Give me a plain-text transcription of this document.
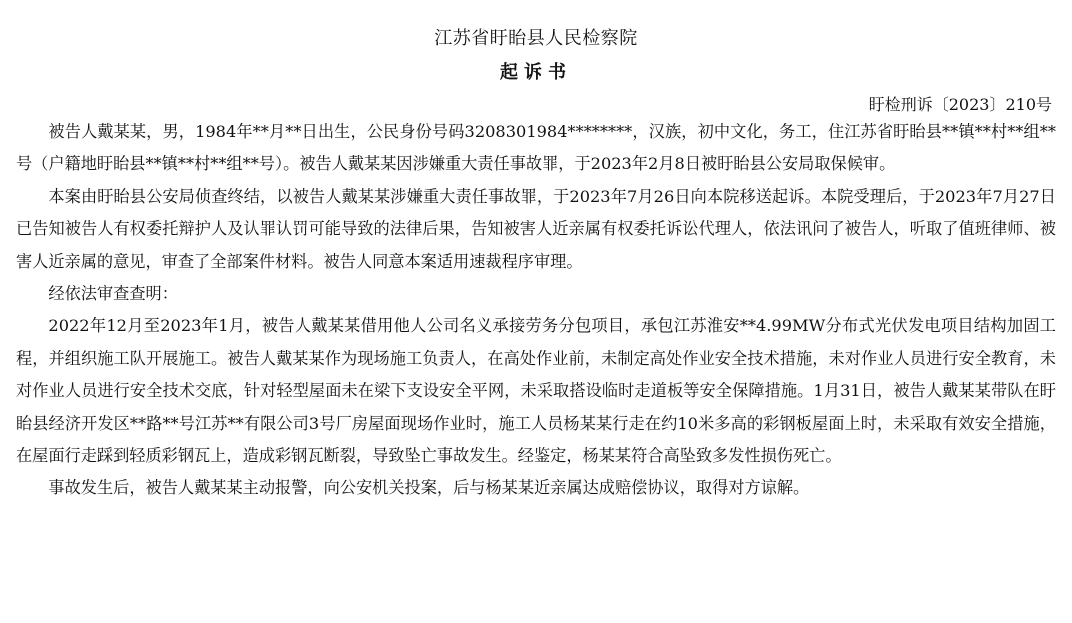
江苏省盱眙县人民检察院
起诉书
盱检刑诉〔2023〕210号

被告人戴某某，男，1984年**月**日出生，公民身份号码3208301984********，汉族，初中文化，务工，住江苏省盱眙县**镇**村**组**号（户籍地盱眙县**镇**村**组**号）。被告人戴某某因涉嫌重大责任事故罪，于2023年2月8日被盱眙县公安局取保候审。

本案由盱眙县公安局侦查终结，以被告人戴某某涉嫌重大责任事故罪，于2023年7月26日向本院移送起诉。本院受理后，于2023年7月27日已告知被告人有权委托辩护人及认罪认罚可能导致的法律后果，告知被害人近亲属有权委托诉讼代理人，依法讯问了被告人，听取了值班律师、被害人近亲属的意见，审查了全部案件材料。被告人同意本案适用速裁程序审理。

经依法审查查明：

2022年12月至2023年1月，被告人戴某某借用他人公司名义承接劳务分包项目，承包江苏淮安**4.99MW分布式光伏发电项目结构加固工程，并组织施工队开展施工。被告人戴某某作为现场施工负责人，在高处作业前，未制定高处作业安全技术措施，未对作业人员进行安全教育，未对作业人员进行安全技术交底，针对轻型屋面未在梁下支设安全平网，未采取搭设临时走道板等安全保障措施。1月31日，被告人戴某某带队在盱眙县经济开发区**路**号江苏**有限公司3号厂房屋面现场作业时，施工人员杨某某行走在约10米多高的彩钢板屋面上时，未采取有效安全措施，在屋面行走踩到轻质彩钢瓦上，造成彩钢瓦断裂，导致坠亡事故发生。经鉴定，杨某某符合高坠致多发性损伤死亡。

事故发生后，被告人戴某某主动报警，向公安机关投案，后与杨某某近亲属达成赔偿协议，取得对方谅解。
